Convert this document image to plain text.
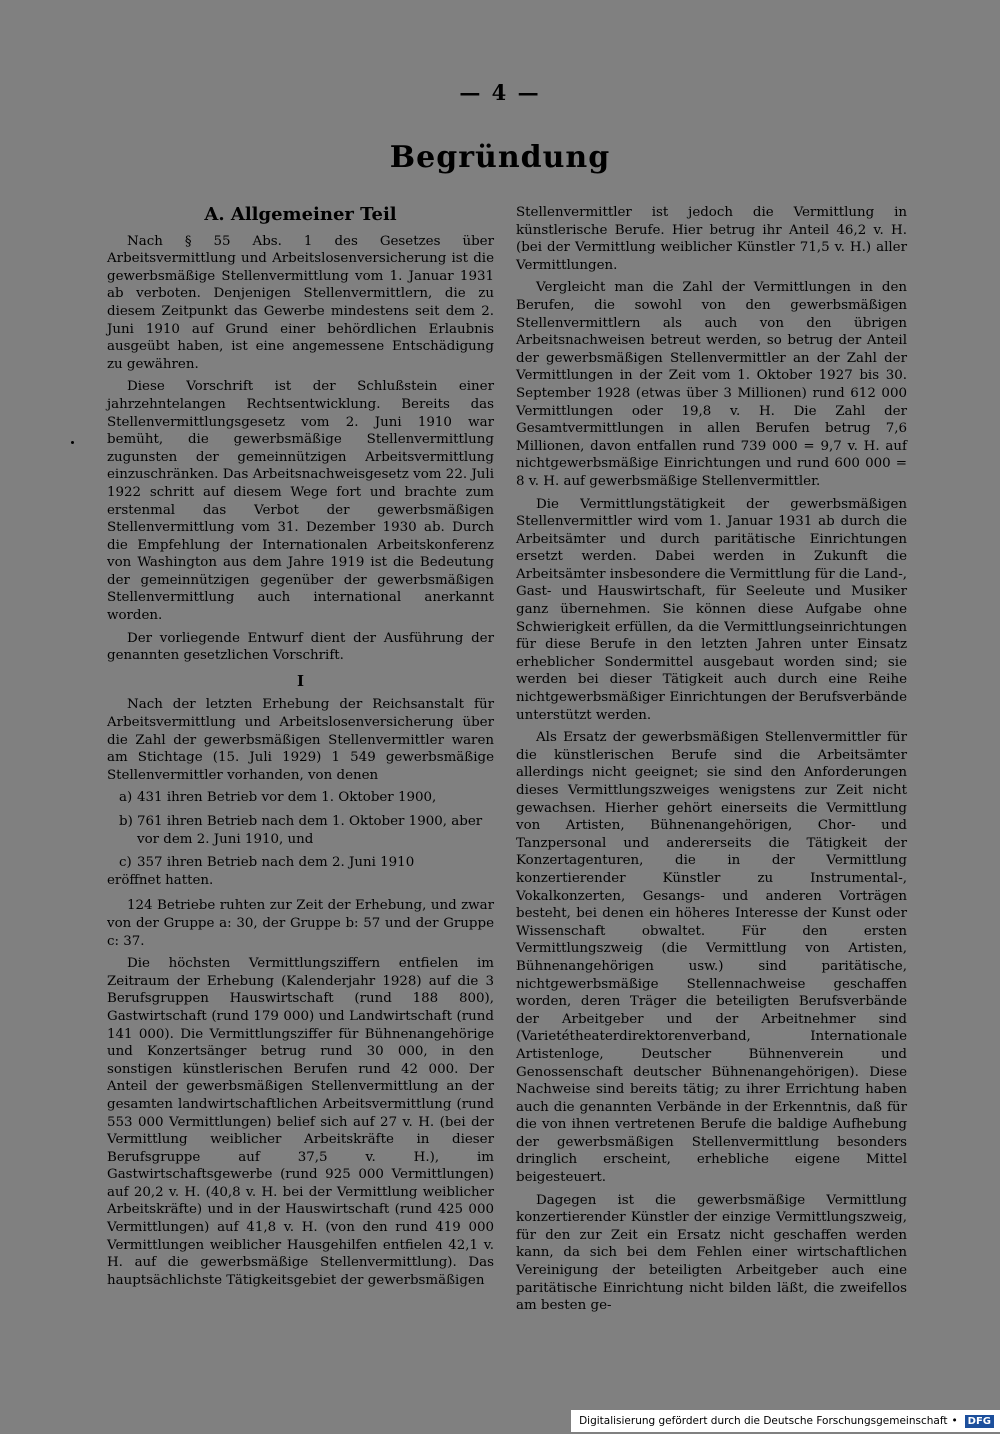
— 4 —
Begründung
A. Allgemeiner Teil

Nach § 55 Abs. 1 des Gesetzes über Arbeitsvermittlung und Arbeitslosenversicherung ist die gewerbsmäßige Stellenvermittlung vom 1. Januar 1931 ab verboten. Denjenigen Stellenvermittlern, die zu diesem Zeitpunkt das Gewerbe mindestens seit dem 2. Juni 1910 auf Grund einer behördlichen Erlaubnis ausgeübt haben, ist eine angemessene Entschädigung zu gewähren.

Diese Vorschrift ist der Schlußstein einer jahrzehntelangen Rechtsentwicklung. Bereits das Stellenvermittlungsgesetz vom 2. Juni 1910 war bemüht, die gewerbsmäßige Stellenvermittlung zugunsten der gemeinnützigen Arbeitsvermittlung einzuschränken. Das Arbeitsnachweisgesetz vom 22. Juli 1922 schritt auf diesem Wege fort und brachte zum erstenmal das Verbot der gewerbsmäßigen Stellenvermittlung vom 31. Dezember 1930 ab. Durch die Empfehlung der Internationalen Arbeitskonferenz von Washington aus dem Jahre 1919 ist die Bedeutung der gemeinnützigen gegenüber der gewerbsmäßigen Stellenvermittlung auch international anerkannt worden.

Der vorliegende Entwurf dient der Ausführung der genannten gesetzlichen Vorschrift.

I

Nach der letzten Erhebung der Reichsanstalt für Arbeitsvermittlung und Arbeitslosenversicherung über die Zahl der gewerbsmäßigen Stellenvermittler waren am Stichtage (15. Juli 1929) 1 549 gewerbsmäßige Stellenvermittler vorhanden, von denen

a) 431 ihren Betrieb vor dem 1. Oktober 1900,
b) 761 ihren Betrieb nach dem 1. Oktober 1900, aber vor dem 2. Juni 1910, und
c) 357 ihren Betrieb nach dem 2. Juni 1910

eröffnet hatten.

124 Betriebe ruhten zur Zeit der Erhebung, und zwar von der Gruppe a: 30, der Gruppe b: 57 und der Gruppe c: 37.

Die höchsten Vermittlungsziffern entfielen im Zeitraum der Erhebung (Kalenderjahr 1928) auf die 3 Berufsgruppen Hauswirtschaft (rund 188 800), Gastwirtschaft (rund 179 000) und Landwirtschaft (rund 141 000). Die Vermittlungsziffer für Bühnenangehörige und Konzertsänger betrug rund 30 000, in den sonstigen künstlerischen Berufen rund 42 000. Der Anteil der gewerbsmäßigen Stellenvermittlung an der gesamten landwirtschaftlichen Arbeitsvermittlung (rund 553 000 Vermittlungen) belief sich auf 27 v. H. (bei der Vermittlung weiblicher Arbeitskräfte in dieser Berufsgruppe auf 37,5 v. H.), im Gastwirtschaftsgewerbe (rund 925 000 Vermittlungen) auf 20,2 v. H. (40,8 v. H. bei der Vermittlung weiblicher Arbeitskräfte) und in der Hauswirtschaft (rund 425 000 Vermittlungen) auf 41,8 v. H. (von den rund 419 000 Vermittlungen weiblicher Hausgehilfen entfielen 42,1 v. H. auf die gewerbsmäßige Stellenvermittlung). Das hauptsächlichste Tätigkeitsgebiet der gewerbsmäßigen

Stellenvermittler ist jedoch die Vermittlung in künstlerische Berufe. Hier betrug ihr Anteil 46,2 v. H. (bei der Vermittlung weiblicher Künstler 71,5 v. H.) aller Vermittlungen.

Vergleicht man die Zahl der Vermittlungen in den Berufen, die sowohl von den gewerbsmäßigen Stellenvermittlern als auch von den übrigen Arbeitsnachweisen betreut werden, so betrug der Anteil der gewerbsmäßigen Stellenvermittler an der Zahl der Vermittlungen in der Zeit vom 1. Oktober 1927 bis 30. September 1928 (etwas über 3 Millionen) rund 612 000 Vermittlungen oder 19,8 v. H. Die Zahl der Gesamtvermittlungen in allen Berufen betrug 7,6 Millionen, davon entfallen rund 739 000 = 9,7 v. H. auf nichtgewerbsmäßige Einrichtungen und rund 600 000 = 8 v. H. auf gewerbsmäßige Stellenvermittler.

Die Vermittlungstätigkeit der gewerbsmäßigen Stellenvermittler wird vom 1. Januar 1931 ab durch die Arbeitsämter und durch paritätische Einrichtungen ersetzt werden. Dabei werden in Zukunft die Arbeitsämter insbesondere die Vermittlung für die Land-, Gast- und Hauswirtschaft, für Seeleute und Musiker ganz übernehmen. Sie können diese Aufgabe ohne Schwierigkeit erfüllen, da die Vermittlungseinrichtungen für diese Berufe in den letzten Jahren unter Einsatz erheblicher Sondermittel ausgebaut worden sind; sie werden bei dieser Tätigkeit auch durch eine Reihe nichtgewerbsmäßiger Einrichtungen der Berufsverbände unterstützt werden.

Als Ersatz der gewerbsmäßigen Stellenvermittler für die künstlerischen Berufe sind die Arbeitsämter allerdings nicht geeignet; sie sind den Anforderungen dieses Vermittlungszweiges wenigstens zur Zeit nicht gewachsen. Hierher gehört einerseits die Vermittlung von Artisten, Bühnenangehörigen, Chor- und Tanzpersonal und andererseits die Tätigkeit der Konzertagenturen, die in der Vermittlung konzertierender Künstler zu Instrumental-, Vokalkonzerten, Gesangs- und anderen Vorträgen besteht, bei denen ein höheres Interesse der Kunst oder Wissenschaft obwaltet. Für den ersten Vermittlungszweig (die Vermittlung von Artisten, Bühnenangehörigen usw.) sind paritätische, nichtgewerbsmäßige Stellennachweise geschaffen worden, deren Träger die beteiligten Berufsverbände der Arbeitgeber und der Arbeitnehmer sind (Varietétheaterdirektorenverband, Internationale Artistenloge, Deutscher Bühnenverein und Genossenschaft deutscher Bühnenangehörigen). Diese Nachweise sind bereits tätig; zu ihrer Errichtung haben auch die genannten Verbände in der Erkenntnis, daß für die von ihnen vertretenen Berufe die baldige Aufhebung der gewerbsmäßigen Stellenvermittlung besonders dringlich erscheint, erhebliche eigene Mittel beigesteuert.

Dagegen ist die gewerbsmäßige Vermittlung konzertierender Künstler der einzige Vermittlungszweig, für den zur Zeit ein Ersatz nicht geschaffen werden kann, da sich bei dem Fehlen einer wirtschaftlichen Vereinigung der beteiligten Arbeitgeber auch eine paritätische Einrichtung nicht bilden läßt, die zweifellos am besten ge-

Digitalisierung gefördert durch die Deutsche Forschungsgemeinschaft •	DFG
